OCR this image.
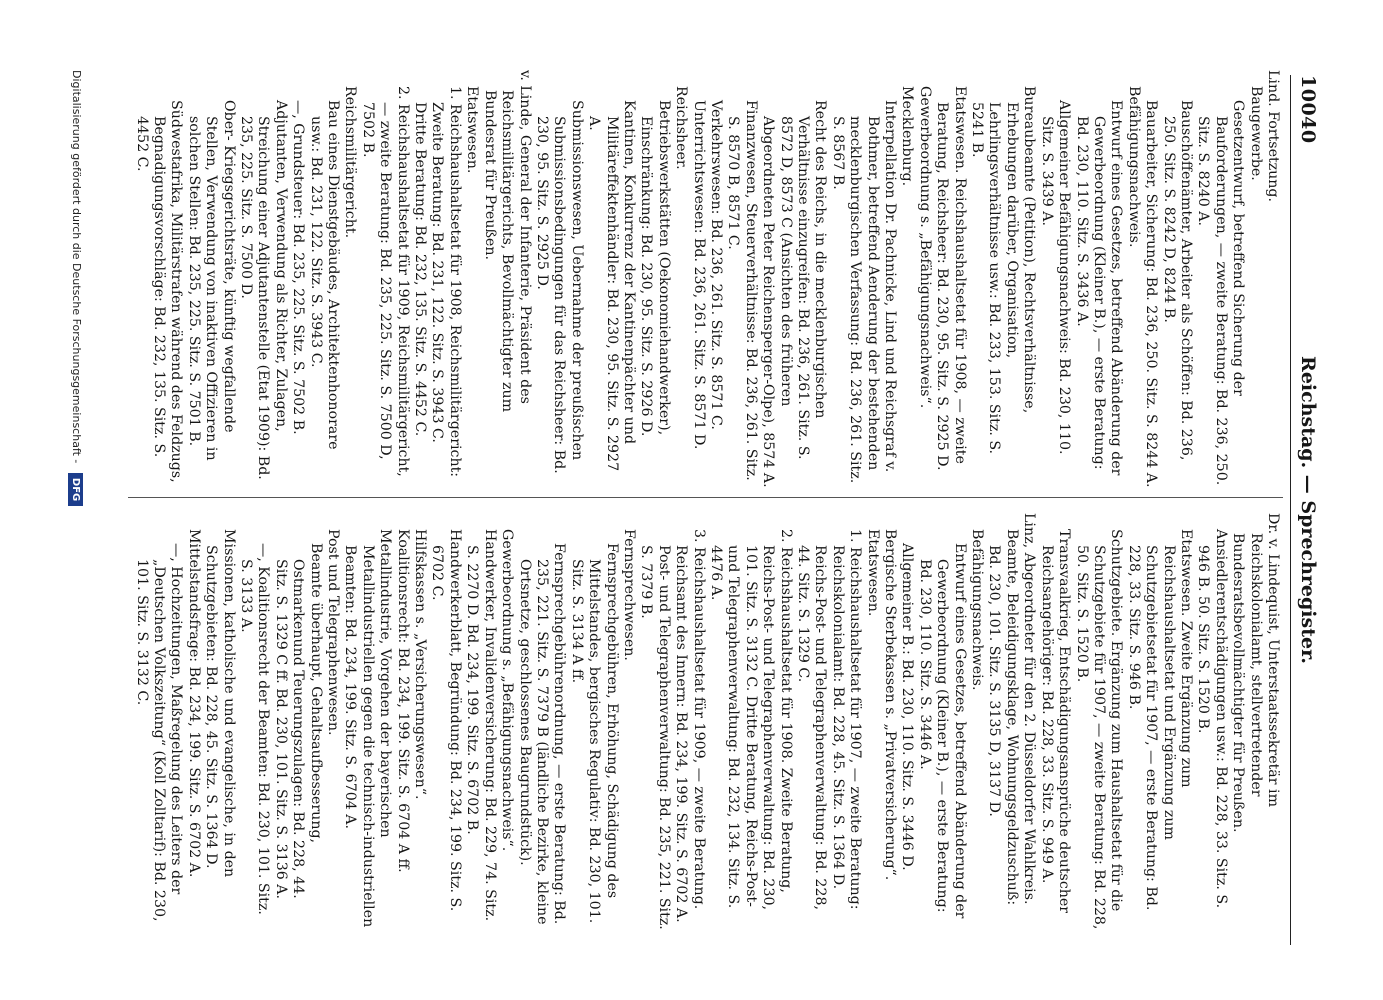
10040
Reichstag. — Sprechregister.

Lind. Fortsetzung.

Baugewerbe.

Gesetzentwurf, betreffend Sicherung der Bauforderungen, — zweite Beratung: Bd. 236, 250. Sitz. S. 8240 A.

Bauschöffenämter, Arbeiter als Schöffen: Bd. 236, 250. Sitz. S. 8242 D, 8244 B.

Bauarbeiter, Sicherung: Bd. 236, 250. Sitz. S. 8244 A.

Befähigungsnachweis.

Entwurf eines Gesetzes, betreffend Abänderung der Gewerbeordnung (Kleiner B.), — erste Beratung: Bd. 230, 110. Sitz. S. 3436 A.

Allgemeiner Befähigungsnachweis: Bd. 230, 110. Sitz. S. 3439 A.

Bureaubeamte (Petition), Rechtsverhältnisse, Erhebungen darüber, Organisation, Lehrlingsverhältnisse usw.: Bd. 233, 153. Sitz. S. 5241 B.

Etatswesen. Reichshaushaltsetat für 1908, — zweite Beratung, Reichsheer: Bd. 230, 95. Sitz. S. 2925 D.

Gewerbeordnung s. „Befähigungsnachweis“.

Mecklenburg.

Interpellation Dr. Pachnicke, Lind und Reichsgraf v. Bothmer, betreffend Aenderung der bestehenden mecklenburgischen Verfassung: Bd. 236, 261. Sitz. S. 8567 B.

Recht des Reichs, in die mecklenburgischen Verhältnisse einzugreifen: Bd. 236, 261. Sitz. S. 8572 D, 8573 C (Ansichten des früheren Abgeordneten Peter Reichensperger-Olpe), 8574 A.

Finanzwesen, Steuerverhältnisse: Bd. 236, 261. Sitz. S. 8570 B, 8571 C.

Verkehrswesen: Bd. 236, 261. Sitz. S. 8571 C.

Unterrichtswesen: Bd. 236, 261. Sitz. S. 8571 D.

Reichsheer.

Betriebswerkstätten (Oekonomiehandwerker), Einschränkung: Bd. 230, 95. Sitz. S. 2926 D.

Kantinen, Konkurrenz der Kantinenpächter und Militäreffektenhändler: Bd. 230, 95. Sitz. S. 2927 A.

Submissionswesen, Uebernahme der preußischen Submissionsbedingungen für das Reichsheer: Bd. 230, 95. Sitz. S. 2925 D.

v. Linde, General der Infanterie, Präsident des Reichsmilitärgerichts, Bevollmächtigter zum Bundesrat für Preußen.

Etatswesen.

1. Reichshaushaltsetat für 1908, Reichsmilitärgericht: Zweite Beratung: Bd. 231, 122. Sitz. S. 3943 C. Dritte Beratung: Bd. 232, 135. Sitz. S. 4452 C.

2. Reichshaushaltsetat für 1909, Reichsmilitärgericht, — zweite Beratung: Bd. 235, 225. Sitz. S. 7500 D, 7502 B.

Reichsmilitärgericht.

Bau eines Dienstgebäudes, Architektenhonorare usw.: Bd. 231, 122. Sitz. S. 3943 C.

—, Grundsteuer: Bd. 235, 225. Sitz. S. 7502 B.

Adjutanten, Verwendung als Richter, Zulagen, Streichung einer Adjutantenstelle (Etat 1909): Bd. 235, 225. Sitz. S. 7500 D.

Ober- Kriegsgerichtsräte, künftig wegfallende Stellen, Verwendung von inaktiven Offizieren in solchen Stellen: Bd. 235, 225. Sitz. S. 7501 B.

Südwestafrika, Militärstrafen während des Feldzugs, Begnadigungsvorschläge: Bd. 232, 135. Sitz. S. 4452 C.

Dr. v. Lindequist, Unterstaatssekretär im Reichskolonialamt, stellvertretender Bundesratsbevollmächtigter für Preußen.

Ansiedlerentschädigungen usw.: Bd. 228, 33. Sitz. S. 946 B. 50. Sitz. S. 1520 B.

Etatswesen. Zweite Ergänzung zum Reichshaushaltsetat und Ergänzung zum Schutzgebietsetat für 1907, — erste Beratung: Bd. 228, 33. Sitz. S. 946 B.

Schutzgebiete. Ergänzung zum Haushaltsetat für die Schutzgebiete für 1907, — zweite Beratung: Bd. 228, 50. Sitz. S. 1520 B.

Transvaalkrieg, Entschädigungsansprüche deutscher Reichsangehöriger: Bd. 228, 33. Sitz. S. 949 A.

Linz, Abgeordneter für den 2. Düsseldorfer Wahlkreis.

Beamte, Beleidigungsklage, Wohnungsgeldzuschuß: Bd. 230, 101. Sitz. S. 3135 D, 3137 D.

Befähigungsnachweis.

Entwurf eines Gesetzes, betreffend Abänderung der Gewerbeordnung (Kleiner B.), — erste Beratung: Bd. 230, 110. Sitz. S. 3446 A.

Allgemeiner B.: Bd. 230, 110. Sitz. S. 3446 D.

Bergische Sterbekassen s. „Privatversicherung“.

Etatswesen.

1. Reichshaushaltsetat für 1907, — zweite Beratung: Reichskolonialamt: Bd. 228, 45. Sitz. S. 1364 D. Reichs-Post- und Telegraphenverwaltung: Bd. 228, 44. Sitz. S. 1329 C.

2. Reichshaushaltsetat für 1908. Zweite Beratung, Reichs-Post- und Telegraphenverwaltung: Bd. 230, 101. Sitz. S. 3132 C. Dritte Beratung, Reichs-Post- und Telegraphenverwaltung: Bd. 232, 134. Sitz. S. 4476 A.

3. Reichshaushaltsetat für 1909, — zweite Beratung. Reichsamt des Innern: Bd. 234, 199. Sitz. S. 6702 A. Post- und Telegraphenverwaltung: Bd. 235, 221. Sitz. S. 7379 B.

Fernsprechwesen.

Fernsprechgebühren, Erhöhung, Schädigung des Mittelstandes, bergisches Regulativ: Bd. 230, 101. Sitz. S. 3134 A ff.

Fernsprechgebührenordnung, — erste Beratung: Bd. 235, 221. Sitz. S. 7379 B (ländliche Bezirke, kleine Ortsnetze, geschlossenes Baugrundstück).

Gewerbeordnung s. „Befähigungsnachweis“.

Handwerker, Invalidenversicherung: Bd. 229, 74. Sitz. S. 2270 D. Bd. 234, 199. Sitz. S. 6702 B.

Handwerkerblatt, Begründung: Bd. 234, 199. Sitz. S. 6702 C.

Hilfskassen s. „Versicherungswesen“.

Koalitionsrecht: Bd. 234, 199. Sitz. S. 6704 A ff.

Metallindustrie, Vorgehen der bayerischen Metallindustriellen gegen die technisch-industriellen Beamten: Bd. 234, 199. Sitz. S. 6704 A.

Post und Telegraphenwesen.

Beamte überhaupt, Gehaltsaufbesserung, Ostmarkenund Teuerungszulagen: Bd. 228, 44. Sitz. S. 1329 C ff. Bd. 230, 101. Sitz. S. 3136 A.

—, Koalitionsrecht der Beamten: Bd. 230, 101. Sitz. S. 3133 A.

Missionen, katholische und evangelische, in den Schutzgebieten: Bd. 228, 45. Sitz. S. 1364 D.

Mittelstandsfrage: Bd. 234, 199. Sitz. S. 6702 A.

—, Hochzeitungen, Maßregelung des Leiters der „Deutschen Volkszeitung“ (Koll Zolltarif): Bd. 230, 101. Sitz. S. 3132 C.

Digitalisierung gefördert durch die Deutsche Forschungsgemeinschaft - DFG
